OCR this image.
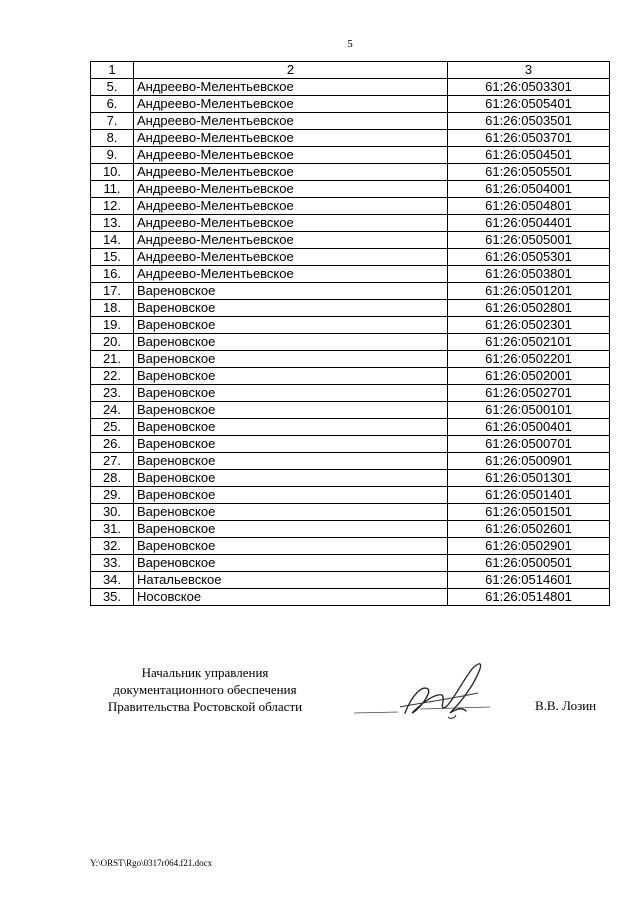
5
1	2	3
5.	Андреево-Мелентьевское	61:26:0503301
6.	Андреево-Мелентьевское	61:26:0505401
7.	Андреево-Мелентьевское	61:26:0503501
8.	Андреево-Мелентьевское	61:26:0503701
9.	Андреево-Мелентьевское	61:26:0504501
10.	Андреево-Мелентьевское	61:26:0505501
11.	Андреево-Мелентьевское	61:26:0504001
12.	Андреево-Мелентьевское	61:26:0504801
13.	Андреево-Мелентьевское	61:26:0504401
14.	Андреево-Мелентьевское	61:26:0505001
15.	Андреево-Мелентьевское	61:26:0505301
16.	Андреево-Мелентьевское	61:26:0503801
17.	Вареновское	61:26:0501201
18.	Вареновское	61:26:0502801
19.	Вареновское	61:26:0502301
20.	Вареновское	61:26:0502101
21.	Вареновское	61:26:0502201
22.	Вареновское	61:26:0502001
23.	Вареновское	61:26:0502701
24.	Вареновское	61:26:0500101
25.	Вареновское	61:26:0500401
26.	Вареновское	61:26:0500701
27.	Вареновское	61:26:0500901
28.	Вареновское	61:26:0501301
29.	Вареновское	61:26:0501401
30.	Вареновское	61:26:0501501
31.	Вареновское	61:26:0502601
32.	Вареновское	61:26:0502901
33.	Вареновское	61:26:0500501
34.	Натальевское	61:26:0514601
35.	Носовское	61:26:0514801
Начальник управления
документационного обеспечения
Правительства Ростовской области	В.В. Лозин
Y:\ORST\Rgo\0317r064.f21.docx
